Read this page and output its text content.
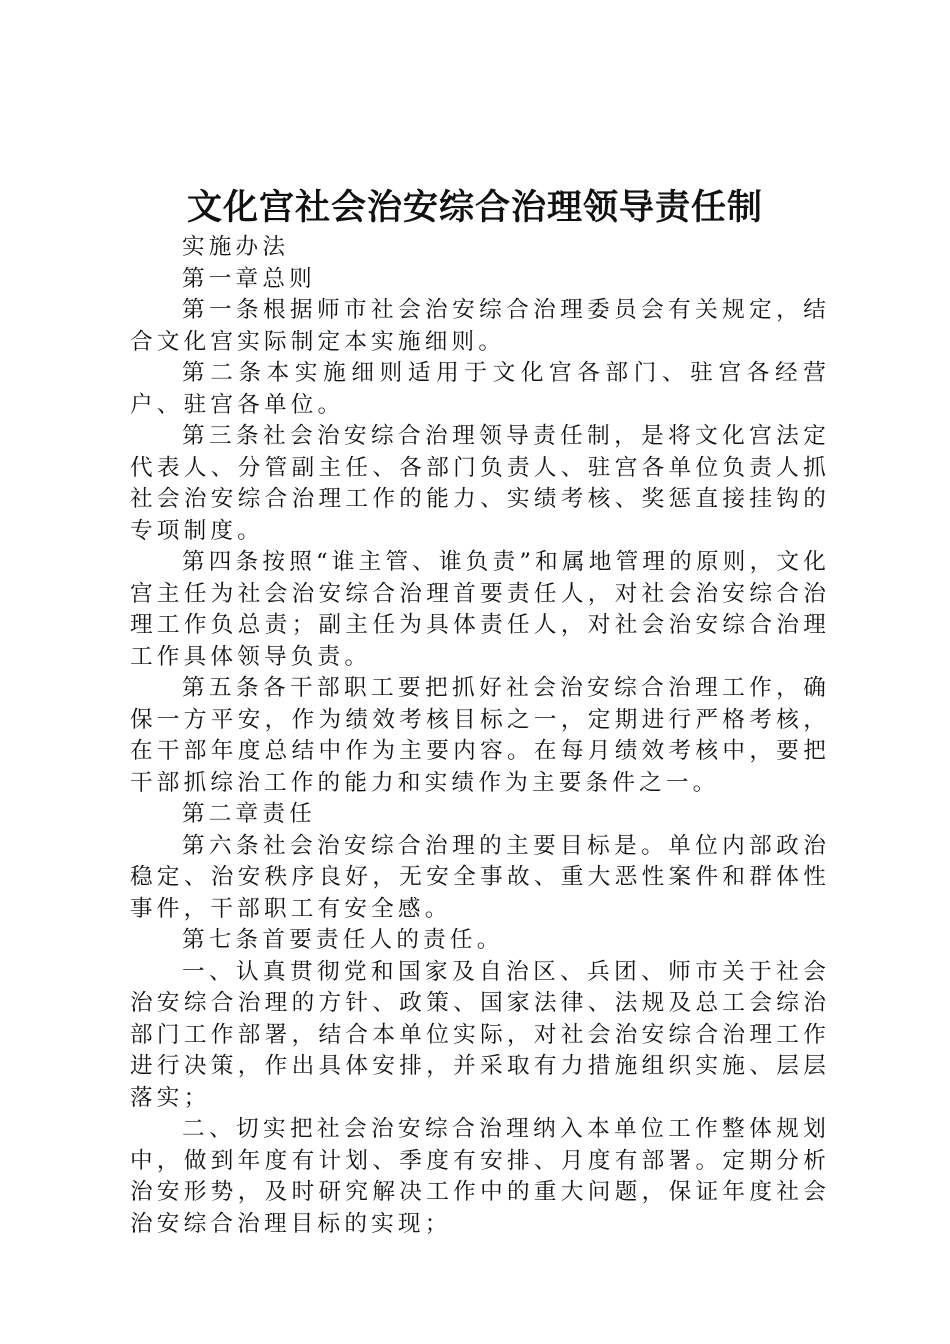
文化宫社会治安综合治理领导责任制

实施办法

第一章总则

第一条根据师市社会治安综合治理委员会有关规定，结合文化宫实际制定本实施细则。

第二条本实施细则适用于文化宫各部门、驻宫各经营户、驻宫各单位。

第三条社会治安综合治理领导责任制，是将文化宫法定代表人、分管副主任、各部门负责人、驻宫各单位负责人抓社会治安综合治理工作的能力、实绩考核、奖惩直接挂钩的专项制度。

第四条按照“谁主管、谁负责”和属地管理的原则，文化宫主任为社会治安综合治理首要责任人，对社会治安综合治理工作负总责；副主任为具体责任人，对社会治安综合治理工作具体领导负责。

第五条各干部职工要把抓好社会治安综合治理工作，确保一方平安，作为绩效考核目标之一，定期进行严格考核，在干部年度总结中作为主要内容。在每月绩效考核中，要把干部抓综治工作的能力和实绩作为主要条件之一。

第二章责任

第六条社会治安综合治理的主要目标是。单位内部政治稳定、治安秩序良好，无安全事故、重大恶性案件和群体性事件，干部职工有安全感。

第七条首要责任人的责任。

一、认真贯彻党和国家及自治区、兵团、师市关于社会治安综合治理的方针、政策、国家法律、法规及总工会综治部门工作部署，结合本单位实际，对社会治安综合治理工作进行决策，作出具体安排，并采取有力措施组织实施、层层落实；

二、切实把社会治安综合治理纳入本单位工作整体规划中，做到年度有计划、季度有安排、月度有部署。定期分析治安形势，及时研究解决工作中的重大问题，保证年度社会治安综合治理目标的实现；
